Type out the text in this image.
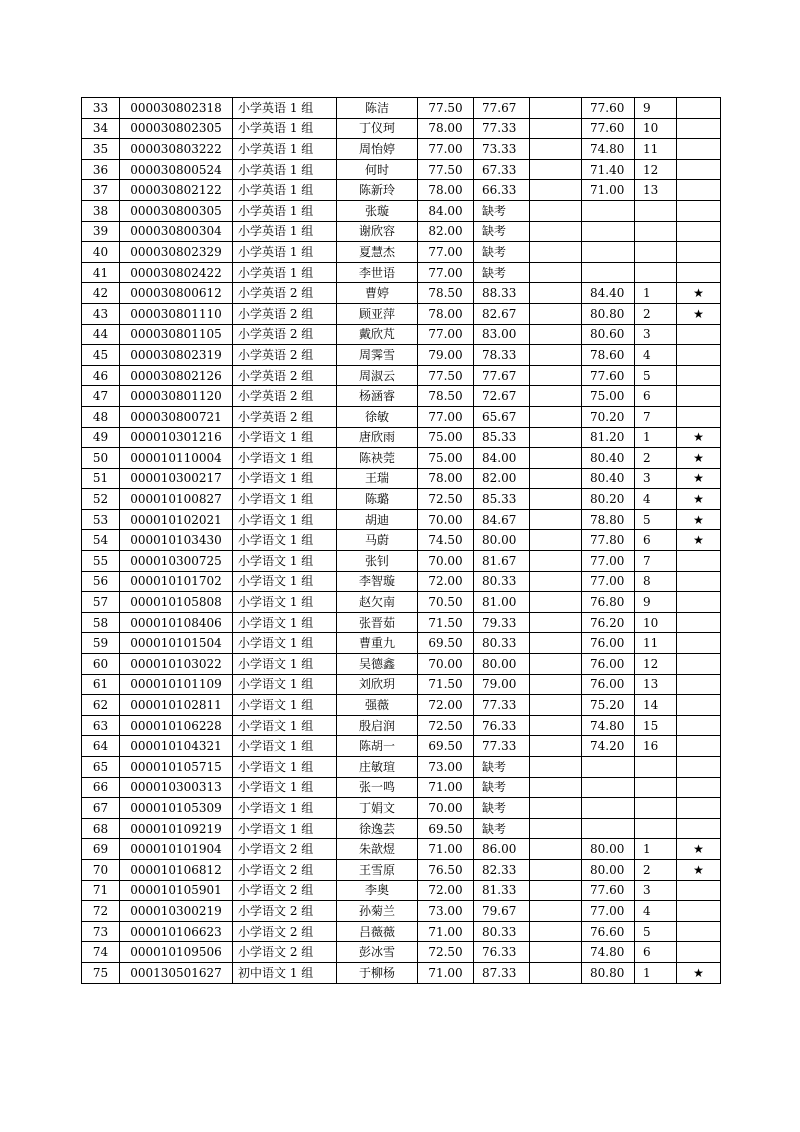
33	000030802318	小学英语 1 组	陈洁	77.50	77.67		77.60	9	
34	000030802305	小学英语 1 组	丁仪珂	78.00	77.33		77.60	10	
35	000030803222	小学英语 1 组	周怡婷	77.00	73.33		74.80	11	
36	000030800524	小学英语 1 组	何时	77.50	67.33		71.40	12	
37	000030802122	小学英语 1 组	陈新玲	78.00	66.33		71.00	13	
38	000030800305	小学英语 1 组	张璇	84.00	缺考				
39	000030800304	小学英语 1 组	谢欣容	82.00	缺考				
40	000030802329	小学英语 1 组	夏慧杰	77.00	缺考				
41	000030802422	小学英语 1 组	李世语	77.00	缺考				
42	000030800612	小学英语 2 组	曹婷	78.50	88.33		84.40	1	★
43	000030801110	小学英语 2 组	顾亚萍	78.00	82.67		80.80	2	★
44	000030801105	小学英语 2 组	戴欣芃	77.00	83.00		80.60	3	
45	000030802319	小学英语 2 组	周霁雪	79.00	78.33		78.60	4	
46	000030802126	小学英语 2 组	周淑云	77.50	77.67		77.60	5	
47	000030801120	小学英语 2 组	杨涵睿	78.50	72.67		75.00	6	
48	000030800721	小学英语 2 组	徐敏	77.00	65.67		70.20	7	
49	000010301216	小学语文 1 组	唐欣雨	75.00	85.33		81.20	1	★
50	000010110004	小学语文 1 组	陈袂莞	75.00	84.00		80.40	2	★
51	000010300217	小学语文 1 组	王瑞	78.00	82.00		80.40	3	★
52	000010100827	小学语文 1 组	陈璐	72.50	85.33		80.20	4	★
53	000010102021	小学语文 1 组	胡迪	70.00	84.67		78.80	5	★
54	000010103430	小学语文 1 组	马蔚	74.50	80.00		77.80	6	★
55	000010300725	小学语文 1 组	张钊	70.00	81.67		77.00	7	
56	000010101702	小学语文 1 组	李智璇	72.00	80.33		77.00	8	
57	000010105808	小学语文 1 组	赵欠南	70.50	81.00		76.80	9	
58	000010108406	小学语文 1 组	张晋茹	71.50	79.33		76.20	10	
59	000010101504	小学语文 1 组	曹重九	69.50	80.33		76.00	11	
60	000010103022	小学语文 1 组	吴德鑫	70.00	80.00		76.00	12	
61	000010101109	小学语文 1 组	刘欣玥	71.50	79.00		76.00	13	
62	000010102811	小学语文 1 组	强薇	72.00	77.33		75.20	14	
63	000010106228	小学语文 1 组	殷启润	72.50	76.33		74.80	15	
64	000010104321	小学语文 1 组	陈胡一	69.50	77.33		74.20	16	
65	000010105715	小学语文 1 组	庄敏瑄	73.00	缺考				
66	000010300313	小学语文 1 组	张一鸣	71.00	缺考				
67	000010105309	小学语文 1 组	丁娟文	70.00	缺考				
68	000010109219	小学语文 1 组	徐逸芸	69.50	缺考				
69	000010101904	小学语文 2 组	朱歆煜	71.00	86.00		80.00	1	★
70	000010106812	小学语文 2 组	王雪原	76.50	82.33		80.00	2	★
71	000010105901	小学语文 2 组	李奥	72.00	81.33		77.60	3	
72	000010300219	小学语文 2 组	孙菊兰	73.00	79.67		77.00	4	
73	000010106623	小学语文 2 组	吕薇薇	71.00	80.33		76.60	5	
74	000010109506	小学语文 2 组	彭冰雪	72.50	76.33		74.80	6	
75	000130501627	初中语文 1 组	于柳杨	71.00	87.33		80.80	1	★
